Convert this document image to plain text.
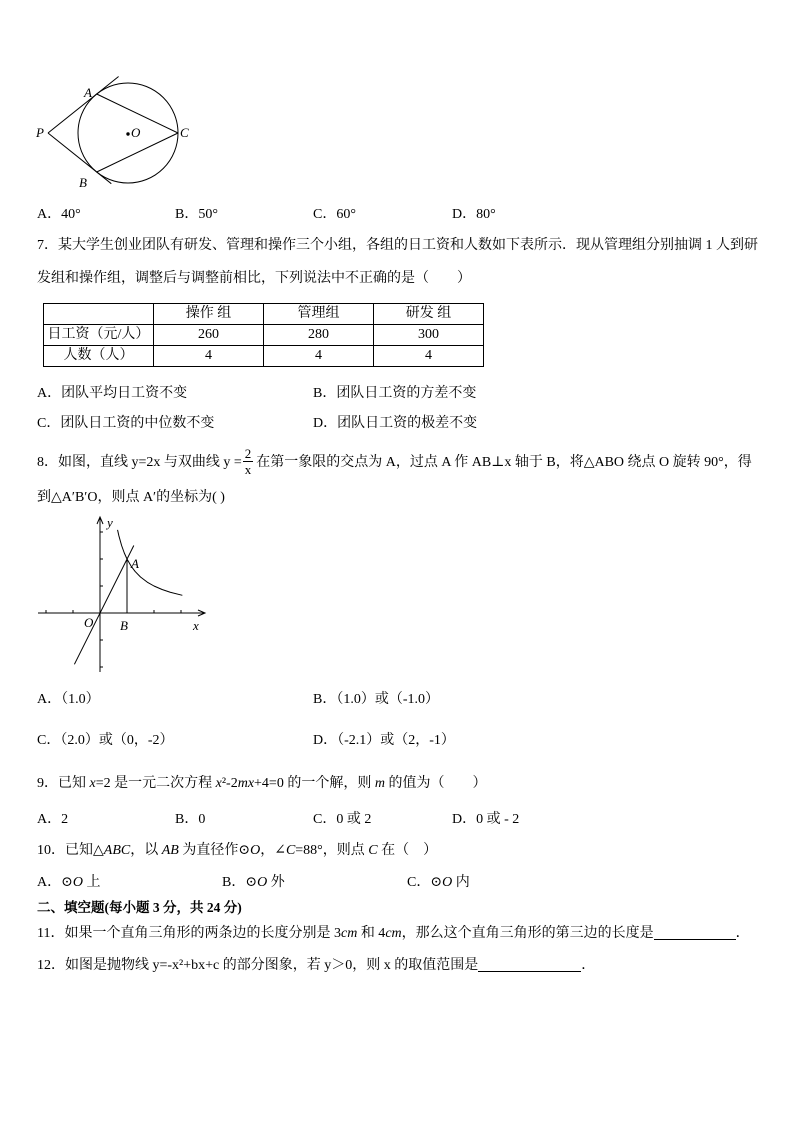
A
B
C
P	O
A．40°	B．50°	C．60°	D．80°
7．某大学生创业团队有研发、管理和操作三个小组，各组的日工资和人数如下表所示．现从管理组分别抽调 1 人到研
发组和操作组，调整后与调整前相比，下列说法中不正确的是（　　）
	操作 组	管理组	研发 组
日工资（元/人）	260	280	300
人数（人）	4	4	4
A．团队平均日工资不变	B．团队日工资的方差不变
C．团队日工资的中位数不变	D．团队日工资的极差不变
8．如图，直线 y=2x 与双曲线 $y = \frac{2}{x}$ 在第一象限的交点为 A，过点 A 作 AB⊥x 轴于 B，将△ABO 绕点 O 旋转 90°，得
到△A′B′O，则点 A′的坐标为( )
y
x
O
A
B
A．（1.0）	B．（1.0）或（-1.0）
C．（2.0）或（0，-2）	D．（-2.1）或（2，-1）
9．已知 x=2 是一元二次方程 x²-2mx+4=0 的一个解，则 m 的值为（　　）
A．2	B．0	C．0 或 2	D．0 或 - 2
10．已知△ABC，以 AB 为直径作⊙O，∠C=88°，则点 C 在（　）
A．⊙O 上	B．⊙O 外	C．⊙O 内
二、填空题(每小题 3 分，共 24 分)
11．如果一个直角三角形的两条边的长度分别是 3cm 和 4cm，那么这个直角三角形的第三边的长度是	．
12．如图是抛物线 y=-x²+bx+c 的部分图象，若 y＞0，则 x 的取值范围是	．
